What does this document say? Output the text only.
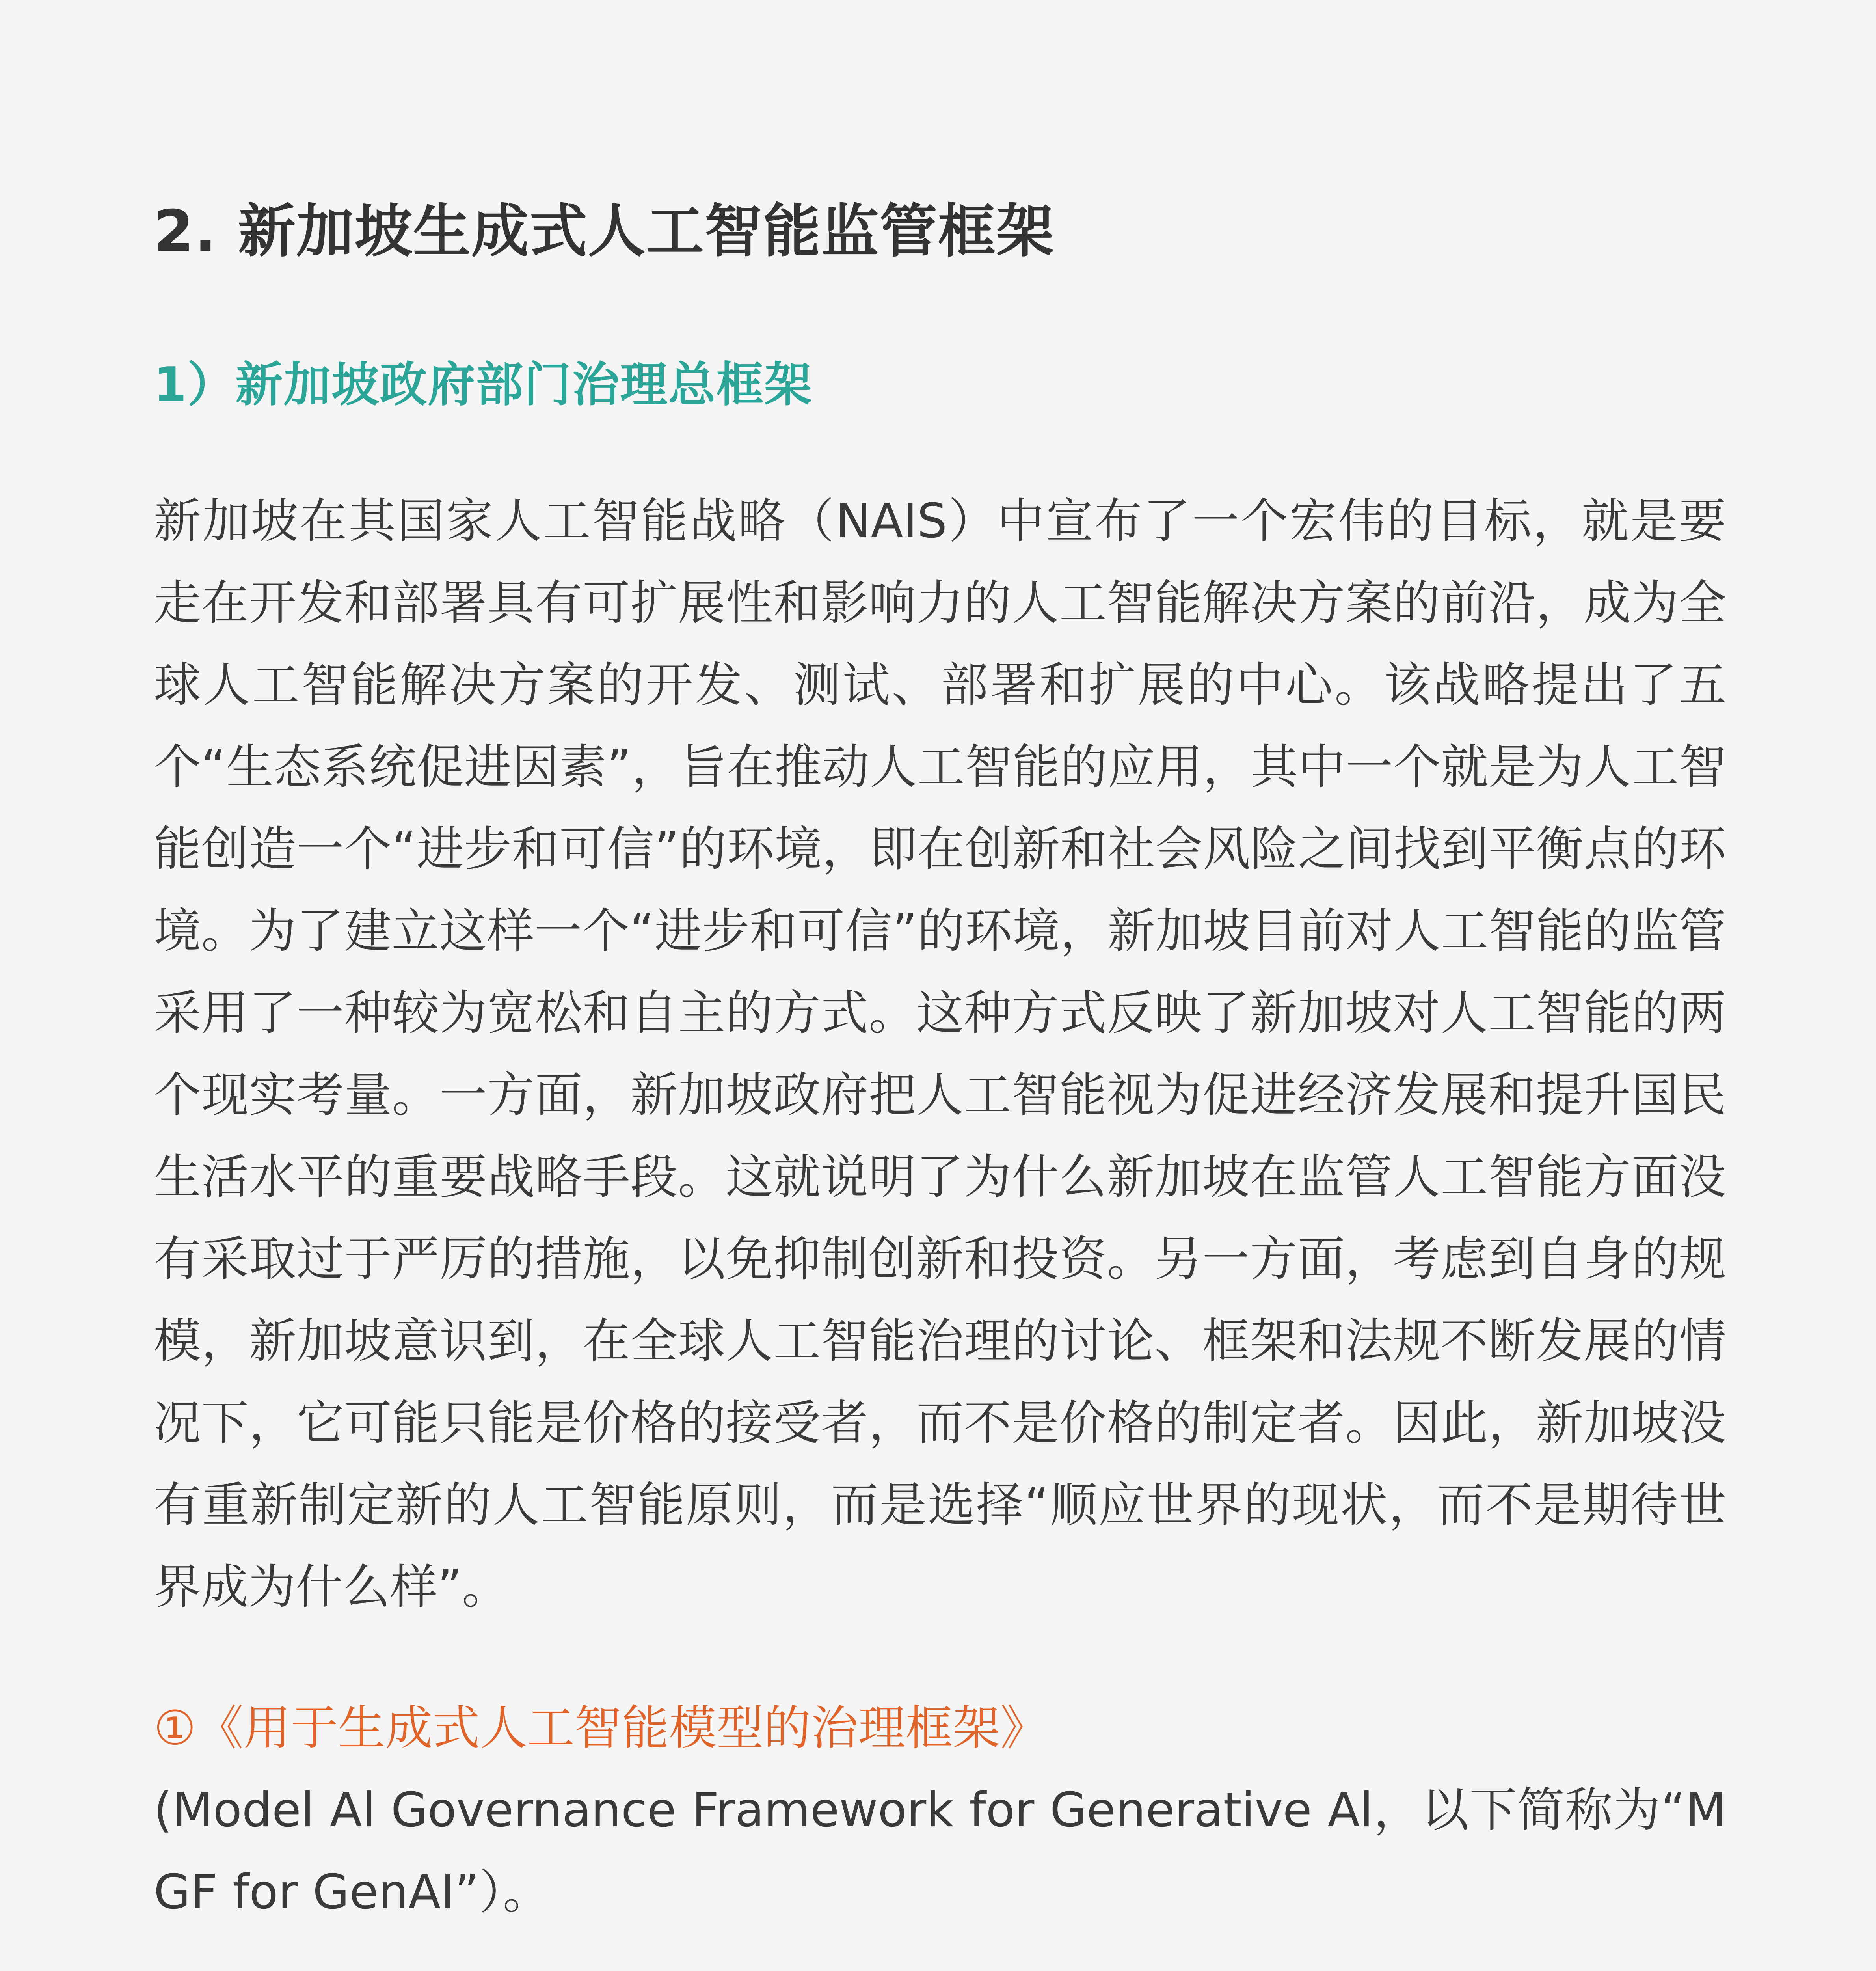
2. 新加坡生成式人工智能监管框架
1）新加坡政府部门治理总框架

新加坡在其国家人工智能战略（NAIS）中宣布了一个宏伟的目标，就是要走在开发和部署具有可扩展性和影响力的人工智能解决方案的前沿，成为全球人工智能解决方案的开发、测试、部署和扩展的中心。该战略提出了五个“生态系统促进因素”，旨在推动人工智能的应用，其中一个就是为人工智能创造一个“进步和可信”的环境，即在创新和社会风险之间找到平衡点的环境。为了建立这样一个“进步和可信”的环境，新加坡目前对人工智能的监管采用了一种较为宽松和自主的方式。这种方式反映了新加坡对人工智能的两个现实考量。一方面，新加坡政府把人工智能视为促进经济发展和提升国民生活水平的重要战略手段。这就说明了为什么新加坡在监管人工智能方面没有采取过于严厉的措施，以免抑制创新和投资。另一方面，考虑到自身的规模，新加坡意识到，在全球人工智能治理的讨论、框架和法规不断发展的情况下，它可能只能是价格的接受者，而不是价格的制定者。因此，新加坡没有重新制定新的人工智能原则，而是选择“顺应世界的现状，而不是期待世界成为什么样”。

①《用于生成式人工智能模型的治理框架》

(Model Al Governance Framework for Generative Al，以下简称为“MGF for GenAI”）。
